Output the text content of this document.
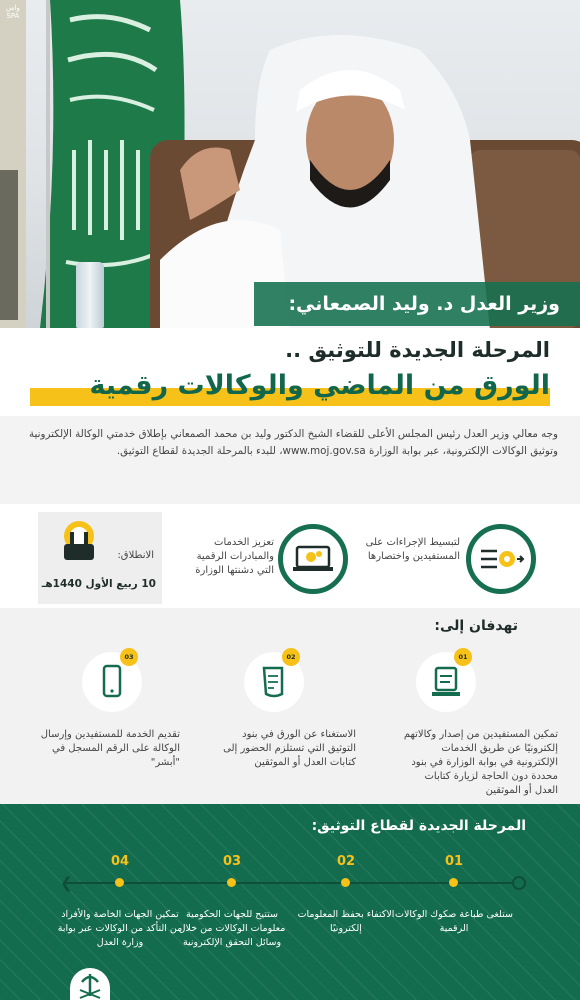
واس
SPA
وزير العدل د. وليد الصمعاني:
المرحلة الجديدة للتوثيق ..
الورق من الماضي والوكالات رقمية
وجه معالي وزير العدل رئيس المجلس الأعلى للقضاء الشيخ الدكتور وليد بن محمد الصمعاني بإطلاق خدمتي الوكالة الإلكترونية وتوثيق الوكالات الإلكترونية، عبر بوابة الوزارة www.moj.gov.sa، للبدء بالمرحلة الجديدة لقطاع التوثيق.
الانطلاق:
10 ربيع الأول 1440هـ
تعزيز الخدمات والمبادرات الرقمية التي دشنتها الوزارة
لتبسيط الإجراءات على المستفيدين واختصارها
تهدفان إلى:
01
تمكين المستفيدين من إصدار وكالاتهم إلكترونيًا عن طريق الخدمات الإلكترونية في بوابة الوزارة في بنود محددة دون الحاجة لزيارة كتابات العدل أو الموثقين
02
الاستغناء عن الورق في بنود التوثيق التي تستلزم الحضور إلى كتابات العدل أو الموثقين
03
تقديم الخدمة للمستفيدين وإرسال الوكالة على الرقم المسجل في "أبشر"
المرحلة الجديدة لقطاع التوثيق:
❮
01
ستلغى طباعة صكوك الوكالات الرقمية
02
الاكتفاء بحفظ المعلومات إلكترونيًا
03
ستتيح للجهات الحكومية معلومات الوكالات من خلال وسائل التحقق الإلكترونية
04
تمكين الجهات الخاصة والأفراد من التأكد من الوكالات عبر بوابة وزارة العدل
